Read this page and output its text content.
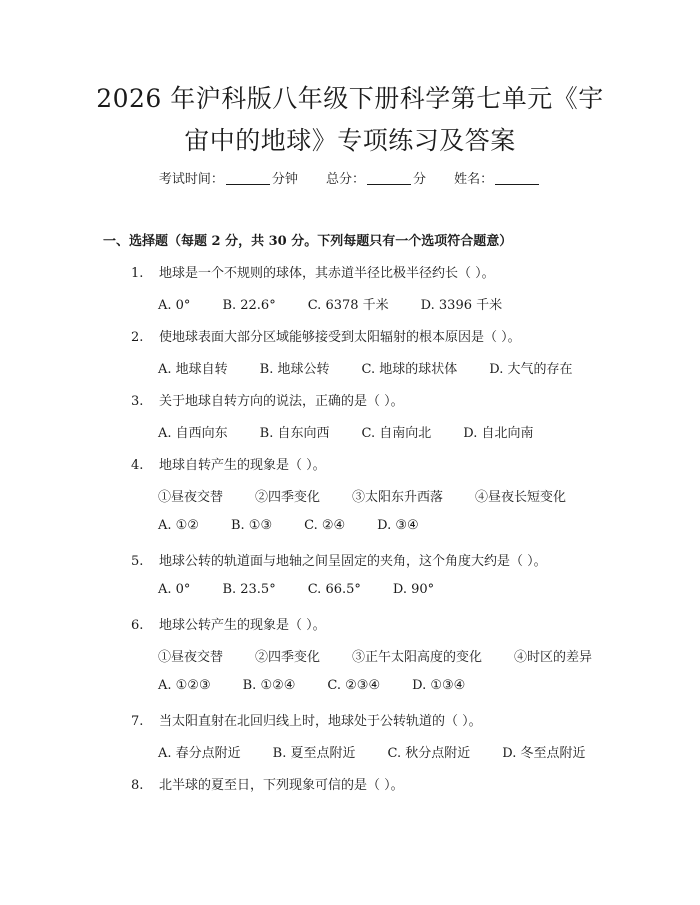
2026 年沪科版八年级下册科学第七单元《宇
宙中的地球》专项练习及答案
考试时间：	分钟 总分：	分 姓名：
一、选择题（每题 2 分，共 30 分。下列每题只有一个选项符合题意）
1. 地球是一个不规则的球体，其赤道半径比极半径约长（ ）。
A. 0° B. 22.6° C. 6378 千米 D. 3396 千米
2. 使地球表面大部分区域能够接受到太阳辐射的根本原因是（ ）。
A. 地球自转 B. 地球公转 C. 地球的球状体 D. 大气的存在
3. 关于地球自转方向的说法，正确的是（ ）。
A. 自西向东 B. 自东向西 C. 自南向北 D. 自北向南
4. 地球自转产生的现象是（ ）。
①昼夜交替 ②四季变化 ③太阳东升西落 ④昼夜长短变化
A. ①② B. ①③ C. ②④ D. ③④
5. 地球公转的轨道面与地轴之间呈固定的夹角，这个角度大约是（ ）。
A. 0° B. 23.5° C. 66.5° D. 90°
6. 地球公转产生的现象是（ ）。
①昼夜交替 ②四季变化 ③正午太阳高度的变化 ④时区的差异
A. ①②③ B. ①②④ C. ②③④ D. ①③④
7. 当太阳直射在北回归线上时，地球处于公转轨道的（ ）。
A. 春分点附近 B. 夏至点附近 C. 秋分点附近 D. 冬至点附近
8. 北半球的夏至日，下列现象可信的是（ ）。
